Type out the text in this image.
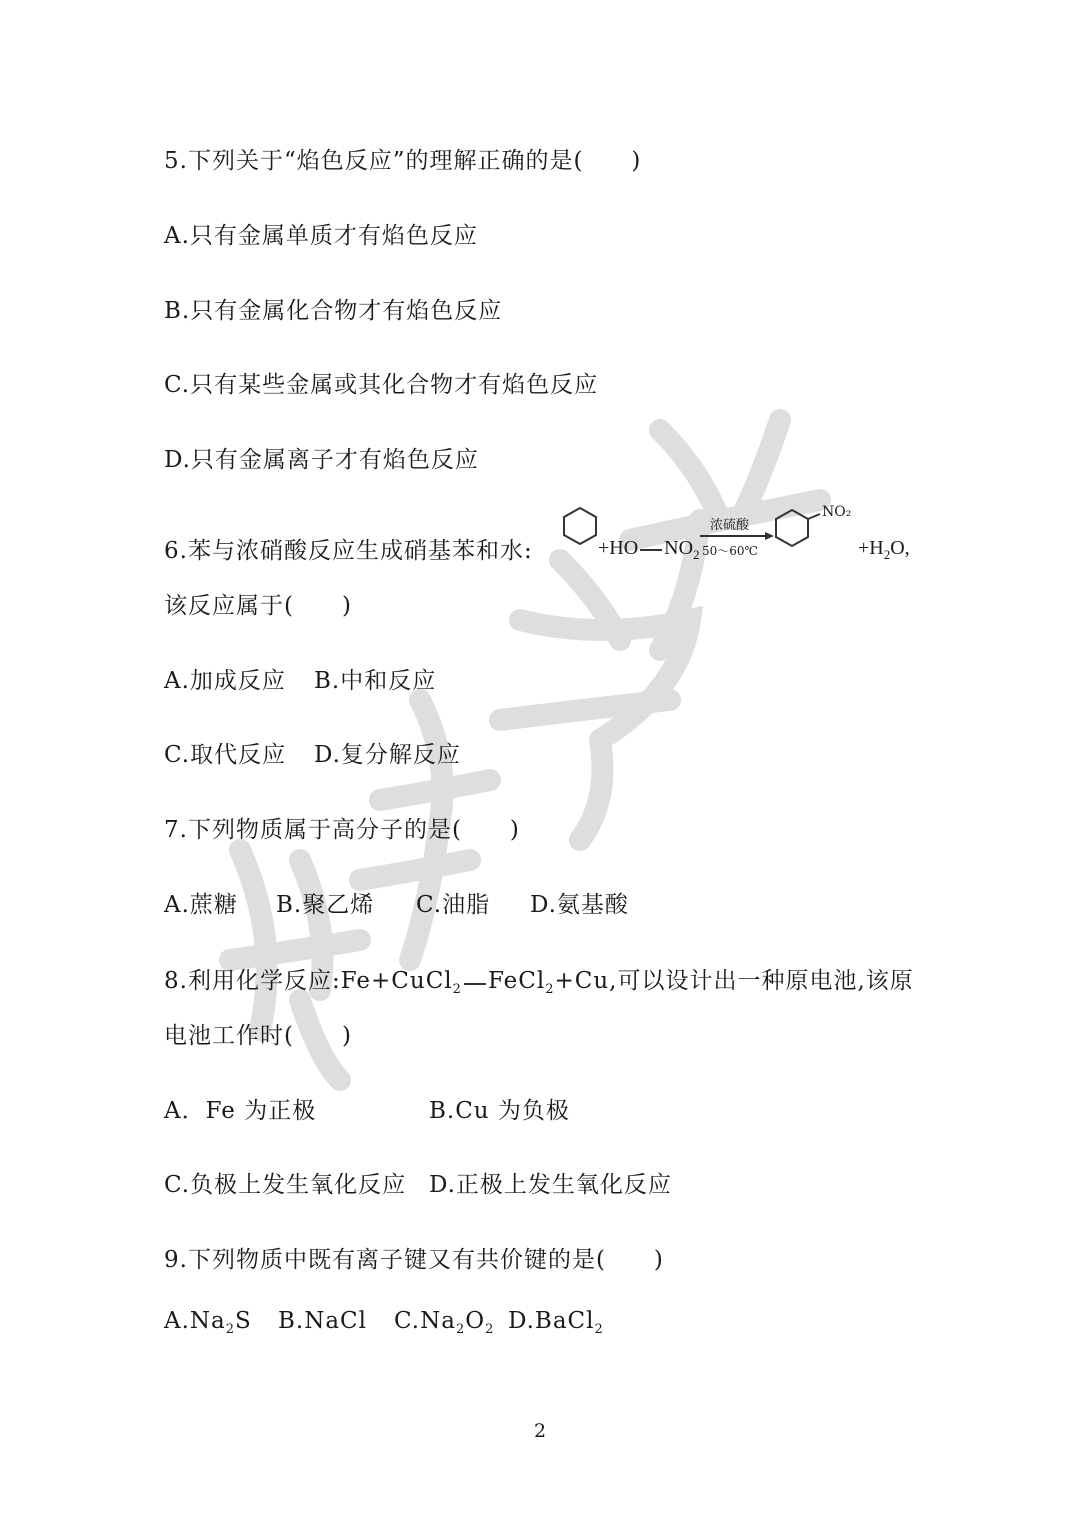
5.下列关于“焰色反应”的理解正确的是(　　)
A.只有金属单质才有焰色反应
B.只有金属化合物才有焰色反应
C.只有某些金属或其化合物才有焰色反应
D.只有金属离子才有焰色反应
6.苯与浓硝酸反应生成硝基苯和水:	+HO $NO_2$
浓硫酸
50～60℃
NO₂
$+H_2O$,
该反应属于(　　)
A.加成反应 B.中和反应
C.取代反应 D.复分解反应
7.下列物质属于高分子的是(　　)
A.蔗糖 B.聚乙烯 C.油脂 D.氨基酸
8.利用化学反应:Fe+CuCl$_2$ FeCl$_2$+Cu,可以设计出一种原电池,该原
电池工作时(　　)
A．Fe 为正极	B.Cu 为负极
C.负极上发生氧化反应 D.正极上发生氧化反应
9.下列物质中既有离子键又有共价键的是(　　)
$A.Na_2S$ B.NaCl $C.Na_2O_2$ D.BaCl$_2$
2
